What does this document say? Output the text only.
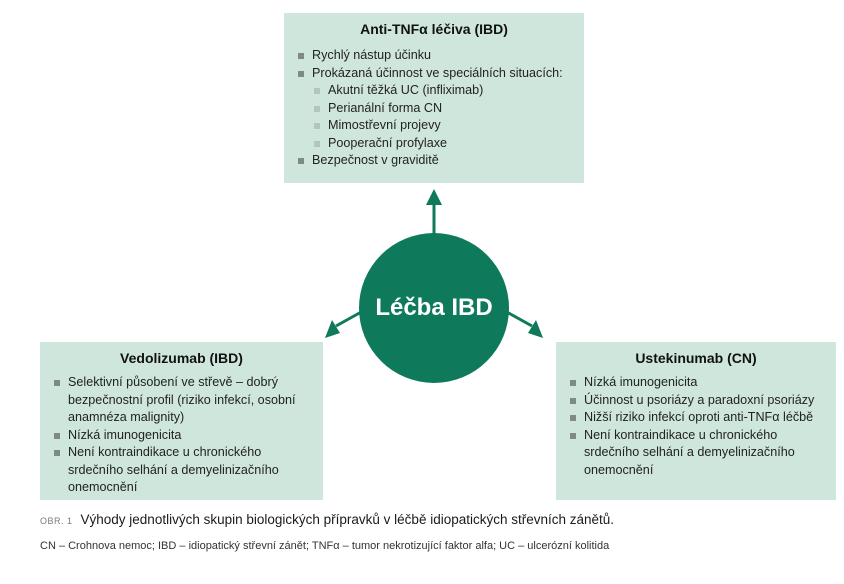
Anti-TNFα léčiva (IBD)
Rychlý nástup účinku
Prokázaná účinnost ve speciálních situacích:
Akutní těžká UC (infliximab)
Perianální forma CN
Mimostřevní projevy
Pooperační profylaxe
Bezpečnost v graviditě
Vedolizumab (IBD)
Selektivní působení ve střevě – dobrý bezpečnostní profil (riziko infekcí, osobní anamnéza malignity)
Nízká imunogenicita
Není kontraindikace u chronického srdečního selhání a demyelinizačního onemocnění
Ustekinumab (CN)
Nízká imunogenicita
Účinnost u psoriázy a paradoxní psoriázy
Nižší riziko infekcí oproti anti-TNFα léčbě
Není kontraindikace u chronického srdečního selhání a demyelinizačního onemocnění
Léčba IBD
OBR. 1 Výhody jednotlivých skupin biologických přípravků v léčbě idiopatických střevních zánětů.
CN – Crohnova nemoc; IBD – idiopatický střevní zánět; TNFα – tumor nekrotizující faktor alfa; UC – ulcerózní kolitida
